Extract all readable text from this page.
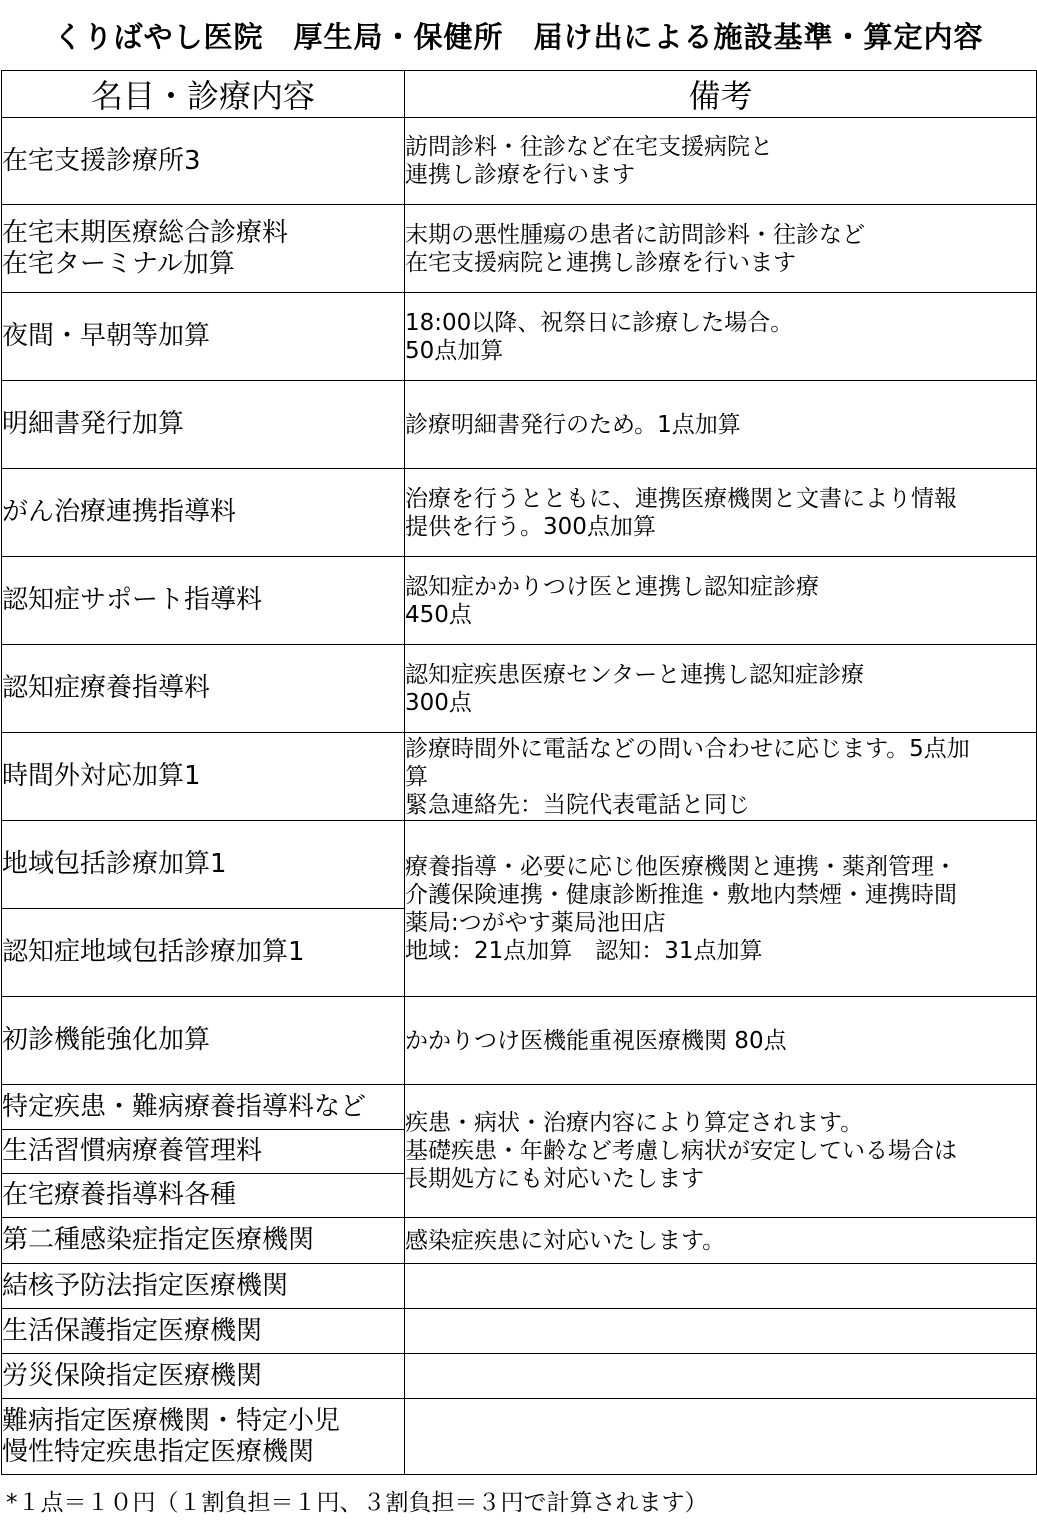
くりばやし医院　厚生局・保健所　届け出による施設基準・算定内容
名目・診療内容	備考

在宅支援診療所3	訪問診料・往診など在宅支援病院と
連携し診療を行います

在宅末期医療総合診療料
在宅ターミナル加算	末期の悪性腫瘍の患者に訪問診料・往診など
在宅支援病院と連携し診療を行います

夜間・早朝等加算	18:00以降、祝祭日に診療した場合。
50点加算

明細書発行加算	診療明細書発行のため。1点加算

がん治療連携指導料	治療を行うとともに、連携医療機関と文書により情報
提供を行う。300点加算

認知症サポート指導料	認知症かかりつけ医と連携し認知症診療
450点

認知症療養指導料	認知症疾患医療センターと連携し認知症診療
300点

時間外対応加算1	診療時間外に電話などの問い合わせに応じます。5点加
算
緊急連絡先：当院代表電話と同じ

地域包括診療加算1	療養指導・必要に応じ他医療機関と連携・薬剤管理・
介護保険連携・健康診断推進・敷地内禁煙・連携時間
薬局:つがやす薬局池田店
地域：21点加算　認知：31点加算

認知症地域包括診療加算1	

初診機能強化加算	かかりつけ医機能重視医療機関 80点

特定疾患・難病療養指導料など	疾患・病状・治療内容により算定されます。
基礎疾患・年齢など考慮し病状が安定している場合は
長期処方にも対応いたします

生活習慣病療養管理料	

在宅療養指導料各種	

第二種感染症指定医療機関	感染症疾患に対応いたします。

結核予防法指定医療機関	

生活保護指定医療機関	

労災保険指定医療機関	

難病指定医療機関・特定小児
慢性特定疾患指定医療機関	

*１点＝１０円（１割負担＝１円、３割負担＝３円で計算されます）
